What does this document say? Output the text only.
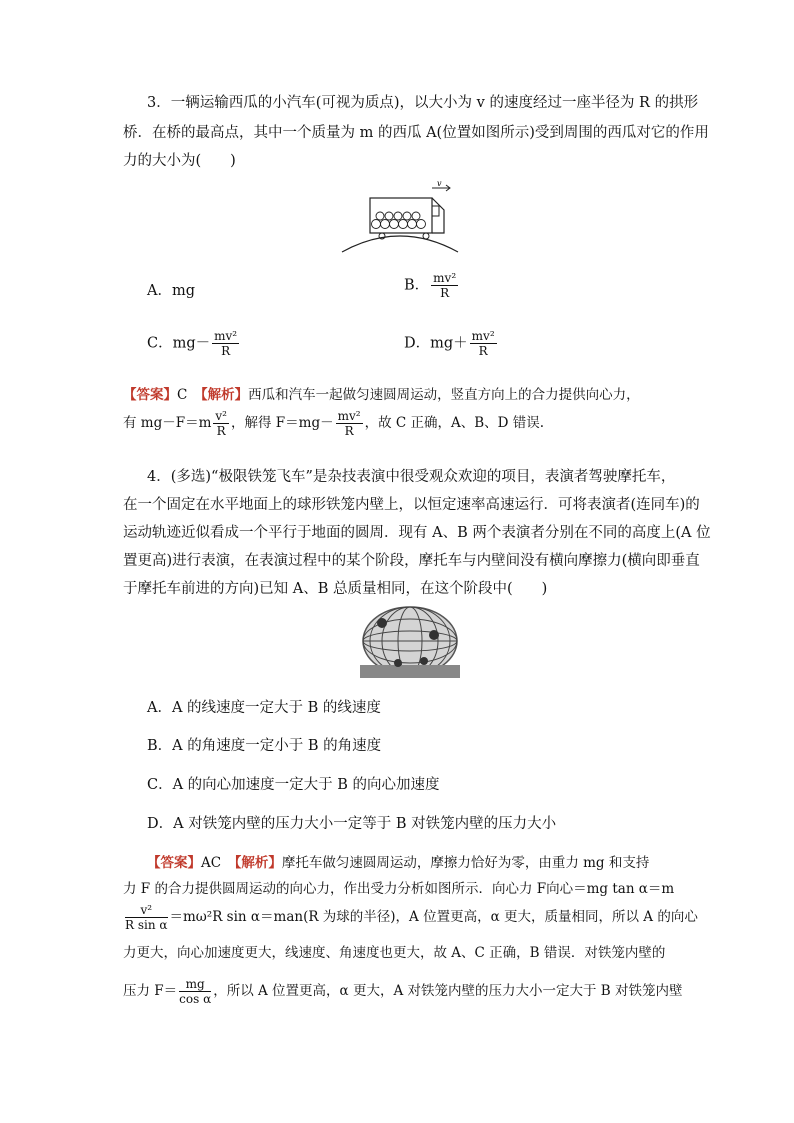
3．一辆运输西瓜的小汽车(可视为质点)，以大小为 v 的速度经过一座半径为 R 的拱形
桥．在桥的最高点，其中一个质量为 m 的西瓜 A(位置如图所示)受到周围的西瓜对它的作用
力的大小为(　　)
v
A．mg	B． $\frac{\text{mv²}}{R}$
C．$mg- \frac{\text{mv²}}{R}$	D．$mg+ \frac{\text{mv²}}{R}$
【答案】C　 【解析】西瓜和汽车一起做匀速圆周运动，竖直方向上的合力提供向心力，
有 $mg-F=m \frac{\text{v²}}{R}$ ，解得 $F=mg- \frac{\text{mv²}}{R}$ ，故 C 正确，A、B、D 错误.
4．(多选)“极限铁笼飞车”是杂技表演中很受观众欢迎的项目，表演者驾驶摩托车，
在一个固定在水平地面上的球形铁笼内壁上，以恒定速率高速运行．可将表演者(连同车)的
运动轨迹近似看成一个平行于地面的圆周．现有 A、B 两个表演者分别在不同的高度上(A 位
置更高)进行表演，在表演过程中的某个阶段，摩托车与内壁间没有横向摩擦力(横向即垂直
于摩托车前进的方向)已知 A、B 总质量相同，在这个阶段中(　　)
A．A 的线速度一定大于 B 的线速度
B．A 的角速度一定小于 B 的角速度
C．A 的向心加速度一定大于 B 的向心加速度
D．A 对铁笼内壁的压力大小一定等于 B 对铁笼内壁的压力大小
【答案】AC　 【解析】摩托车做匀速圆周运动，摩擦力恰好为零，由重力 mg 和支持
力 F 的合力提供圆周运动的向心力，作出受力分析如图所示．向心力 F向心＝mg tan α＝m
$\frac{\text{v²}}{\text{R sin α}} =m\omega^2R$ sin α＝man(R 为球的半径)，A 位置更高，α 更大，质量相同，所以 A 的向心
力更大，向心加速度更大，线速度、角速度也更大，故 A、C 正确，B 错误．对铁笼内壁的
压力 $F= \frac{mg}{\text{cos α}}$ ，所以 A 位置更高，α 更大，A 对铁笼内壁的压力大小一定大于 B 对铁笼内壁
